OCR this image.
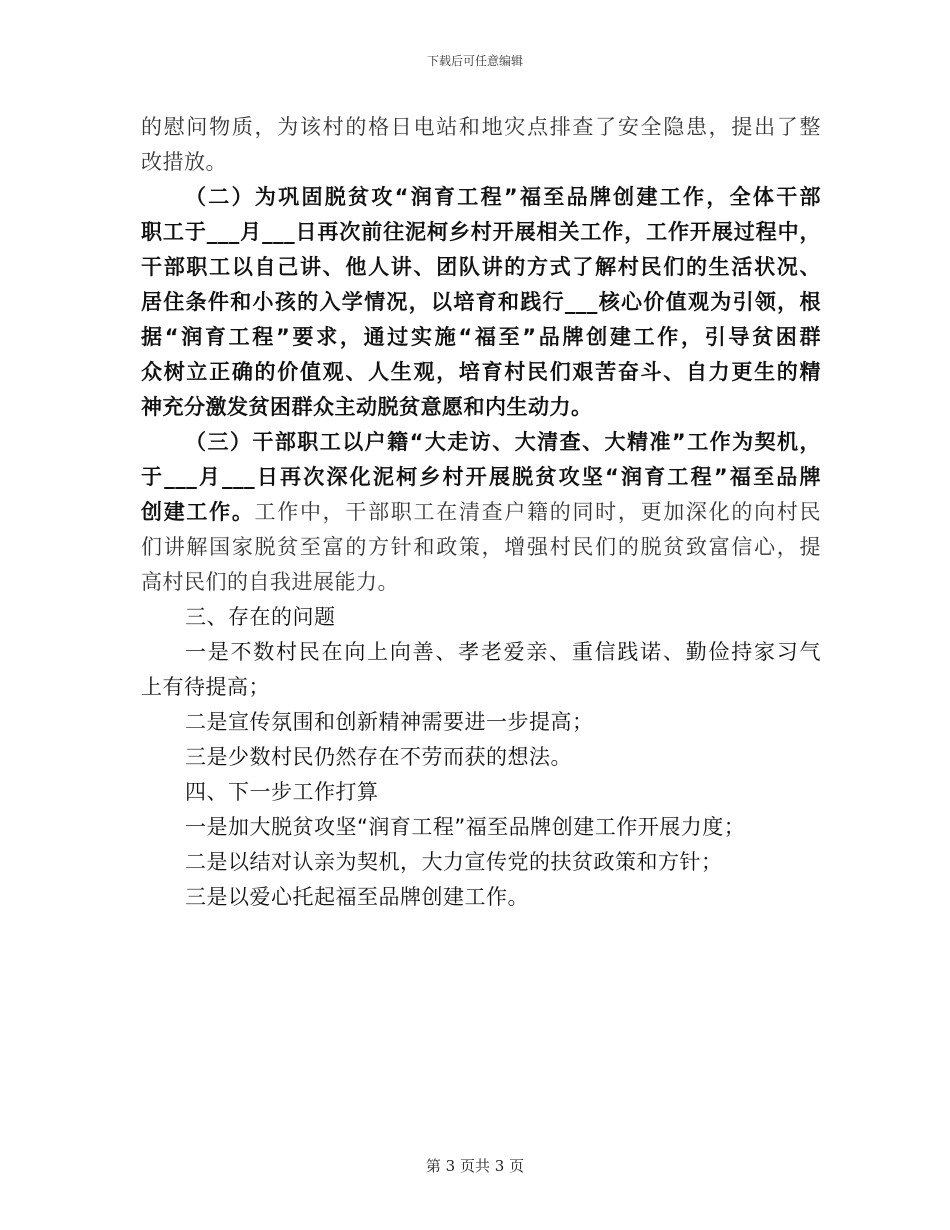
下载后可任意编辑

的慰问物质，为该村的格日电站和地灾点排查了安全隐患，提出了整

改措放。

（二）为巩固脱贫攻“润育工程”福至品牌创建工作，全体干部

职工于___月___日再次前往泥柯乡村开展相关工作，工作开展过程中，

干部职工以自己讲、他人讲、团队讲的方式了解村民们的生活状况、

居住条件和小孩的入学情况，以培育和践行___核心价值观为引领，根

据“润育工程”要求，通过实施“福至”品牌创建工作，引导贫困群

众树立正确的价值观、人生观，培育村民们艰苦奋斗、自力更生的精

神充分激发贫困群众主动脱贫意愿和内生动力。

（三）干部职工以户籍“大走访、大清查、大精准”工作为契机，

于___月___日再次深化泥柯乡村开展脱贫攻坚“润育工程”福至品牌

创建工作。工作中，干部职工在清查户籍的同时，更加深化的向村民

们讲解国家脱贫至富的方针和政策，增强村民们的脱贫致富信心，提

高村民们的自我进展能力。

三、存在的问题

一是不数村民在向上向善、孝老爱亲、重信践诺、勤俭持家习气

上有待提高；

二是宣传氛围和创新精神需要进一步提高；

三是少数村民仍然存在不劳而获的想法。

四、下一步工作打算

一是加大脱贫攻坚“润育工程”福至品牌创建工作开展力度；

二是以结对认亲为契机，大力宣传党的扶贫政策和方针；

三是以爱心托起福至品牌创建工作。

第 3 页共 3 页
